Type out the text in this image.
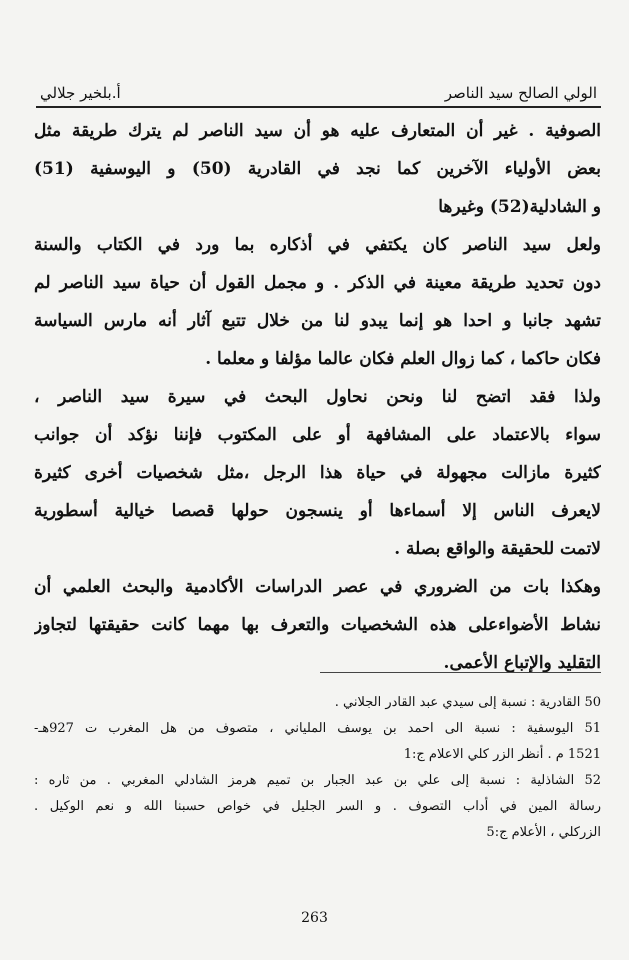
الولي الصالح سيد الناصر
أ.بلخير جلالي
الصوفية . غير أن المتعارف عليه هو أن سيد الناصر لم يترك طريقة مثل
بعض الأولياء الآخرين كما نجد في القادرية (50) و اليوسفية (51)
و الشادلية(52) وغيرها
ولعل سيد الناصر كان يكتفي في أذكاره بما ورد في الكتاب والسنة
دون تحديد طريقة معينة في الذكر . و مجمل القول أن حياة سيد الناصر لم
تشهد جانبا و احدا هو إنما يبدو لنا من خلال تتبع آثار أنه مارس السياسة
فكان حاكما ، كما زوال العلم فكان عالما مؤلفا و معلما .
ولذا فقد اتضح لنا ونحن نحاول البحث في سيرة سيد الناصر ،
سواء بالاعتماد على المشافهة أو على المكتوب فإننا نؤكد أن جوانب
كثيرة مازالت مجهولة في حياة هذا الرجل ،مثل شخصيات أخرى كثيرة
لايعرف الناس إلا أسماءها أو ينسجون حولها قصصا خيالية أسطورية
لاتمت للحقيقة والواقع بصلة .
وهكذا بات من الضروري في عصر الدراسات الأكادمية والبحث العلمي أن
نشاط الأضواءعلى هذه الشخصيات والتعرف بها مهما كانت حقيقتها لتجاوز
التقليد والإتباع الأعمى.
50 القادرية : نسبة إلى سيدي عبد القادر الجلاني .
51 اليوسفية : نسبة الى احمد بن يوسف الملياني ، متصوف من هل المغرب ت 927هـ-
1521 م . أنظر الزر كلي الاعلام ج:1
52 الشاذلية : نسبة إلى علي بن عبد الجبار بن تميم هرمز الشادلي المغربي . من ثاره :
رسالة المين في أداب التصوف . و السر الجليل في خواص حسبنا الله و نعم الوكيل .
الزركلي ، الأعلام ج:5
263
